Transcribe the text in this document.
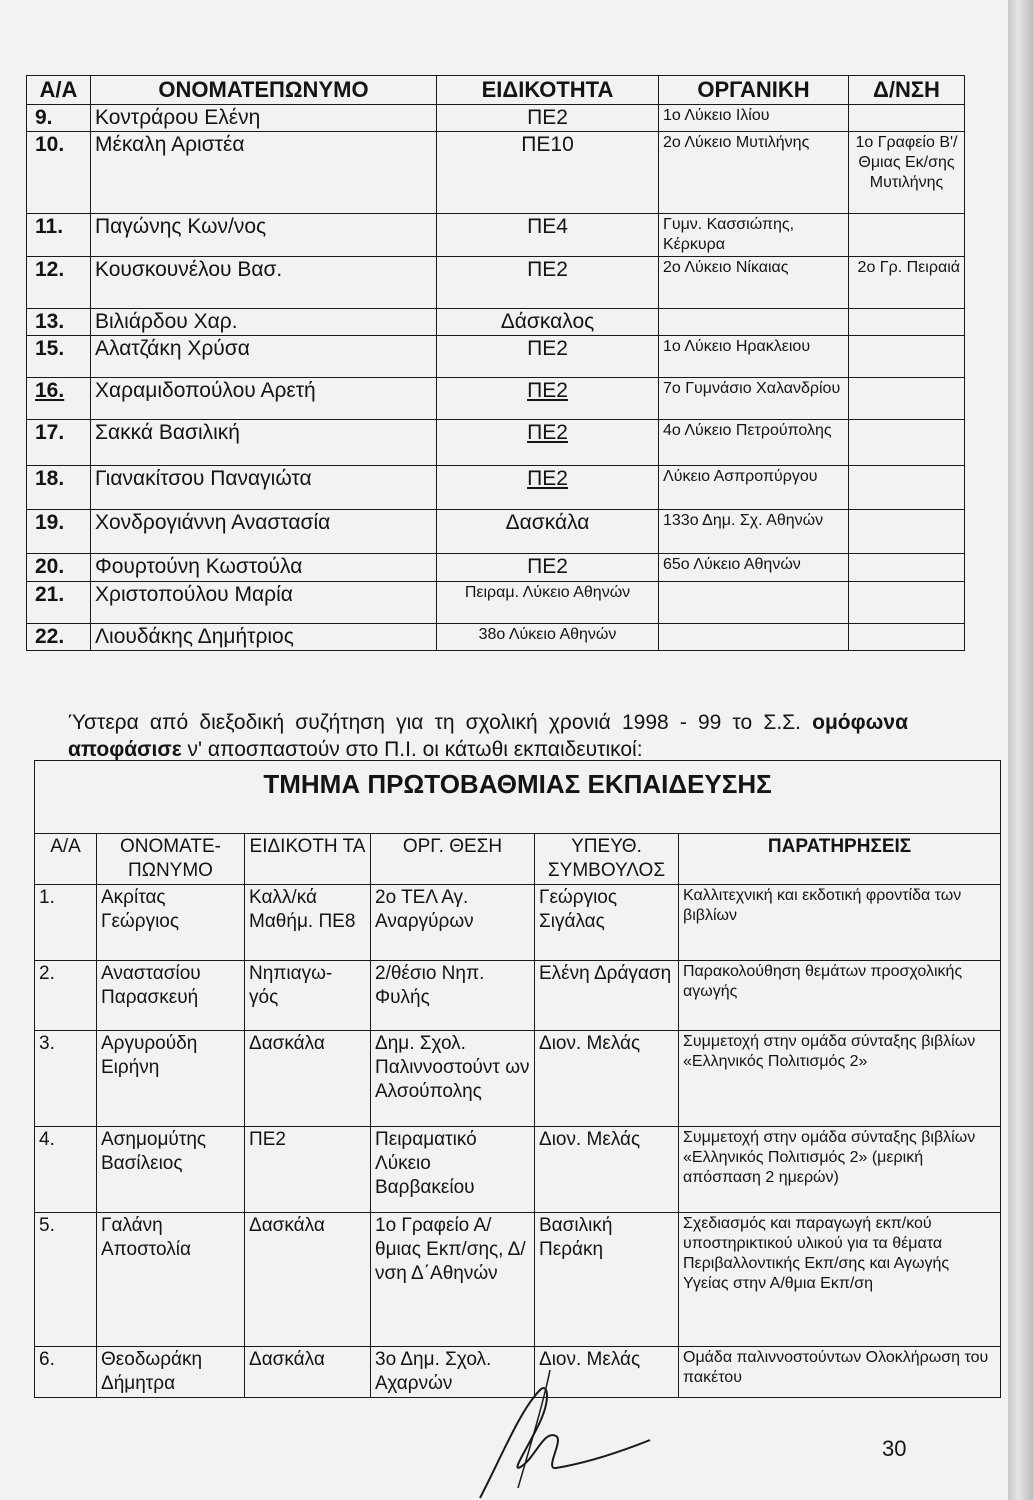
Α/Α	ΟΝΟΜΑΤΕΠΩΝΥΜΟ	ΕΙΔΙΚΟΤΗΤΑ	ΟΡΓΑΝΙΚΗ	Δ/ΝΣΗ
9.	Κοντράρου Ελένη	ΠΕ2	1ο Λύκειο Ιλίου	
10.	Μέκαλη Αριστέα	ΠΕ10	2ο Λύκειο Μυτιλήνης	1ο Γραφείο Β'/Θμιας Εκ/σης Μυτιλήνης
11.	Παγώνης Κων/νος	ΠΕ4	Γυμν. Κασσιώπης, Κέρκυρα	
12.	Κουσκουνέλου Βασ.	ΠΕ2	2ο Λύκειο Νίκαιας	2ο Γρ. Πειραιά
13.	Βιλιάρδου Χαρ.	Δάσκαλος		
15.	Αλατζάκη Χρύσα	ΠΕ2	1ο Λύκειο Ηρακλειου	
16.	Χαραμιδοπούλου Αρετή	ΠΕ2	7ο Γυμνάσιο Χαλανδρίου	
17.	Σακκά Βασιλική	ΠΕ2	4ο Λύκειο Πετρούπολης	
18.	Γιανακίτσου Παναγιώτα	ΠΕ2	Λύκειο Ασπροπύργου	
19.	Χονδρογιάννη Αναστασία	Δασκάλα	133ο Δημ. Σχ. Αθηνών	
20.	Φουρτούνη Κωστούλα	ΠΕ2	65ο Λύκειο Αθηνών	
21.	Χριστοπούλου Μαρία	Πειραμ. Λύκειο Αθηνών		
22.	Λιουδάκης Δημήτριος	38ο Λύκειο Αθηνών		

Ύστερα από διεξοδική συζήτηση για τη σχολική χρονιά 1998 - 99 το Σ.Σ. ομόφωνα αποφάσισε ν' αποσπαστούν στο Π.Ι. οι κάτωθι εκπαιδευτικοί:

ΤΜΗΜΑ ΠΡΩΤΟΒΑΘΜΙΑΣ ΕΚΠΑΙΔΕΥΣΗΣ					
Α/Α	ΟΝΟΜΑΤΕ- ΠΩΝΥΜΟ	ΕΙΔΙΚΟΤΗ ΤΑ	ΟΡΓ. ΘΕΣΗ	ΥΠΕΥΘ. ΣΥΜΒΟΥΛΟΣ	ΠΑΡΑΤΗΡΗΣΕΙΣ
1.	Ακρίτας Γεώργιος	Καλλ/κά Μαθήμ. ΠΕ8	2ο ΤΕΛ Αγ. Αναργύρων	Γεώργιος Σιγάλας	Καλλιτεχνική και εκδοτική φροντίδα των βιβλίων
2.	Αναστασίου Παρασκευή	Νηπιαγω- γός	2/θέσιο Νηπ. Φυλής	Ελένη Δράγαση	Παρακολούθηση θεμάτων προσχολικής αγωγής
3.	Αργυρούδη Ειρήνη	Δασκάλα	Δημ. Σχολ. Παλιννοστούντ ων Αλσούπολης	Διον. Μελάς	Συμμετοχή στην ομάδα σύνταξης βιβλίων «Ελληνικός Πολιτισμός 2»
4.	Ασημομύτης Βασίλειος	ΠΕ2	Πειραματικό Λύκειο Βαρβακείου	Διον. Μελάς	Συμμετοχή στην ομάδα σύνταξης βιβλίων «Ελληνικός Πολιτισμός 2» (μερική απόσπαση 2 ημερών)
5.	Γαλάνη Αποστολία	Δασκάλα	1ο Γραφείο Α/θμιας Εκπ/σης, Δ/νση Δ΄Αθηνών	Βασιλική Περάκη	Σχεδιασμός και παραγωγή εκπ/κού υποστηρικτικού υλικού για τα θέματα Περιβαλλοντικής Εκπ/σης και Αγωγής Υγείας στην Α/θμια Εκπ/ση
6.	Θεοδωράκη Δήμητρα	Δασκάλα	3ο Δημ. Σχολ. Αχαρνών	Διον. Μελάς	Ομάδα παλιννοστούντων Ολοκλήρωση του πακέτου
30
